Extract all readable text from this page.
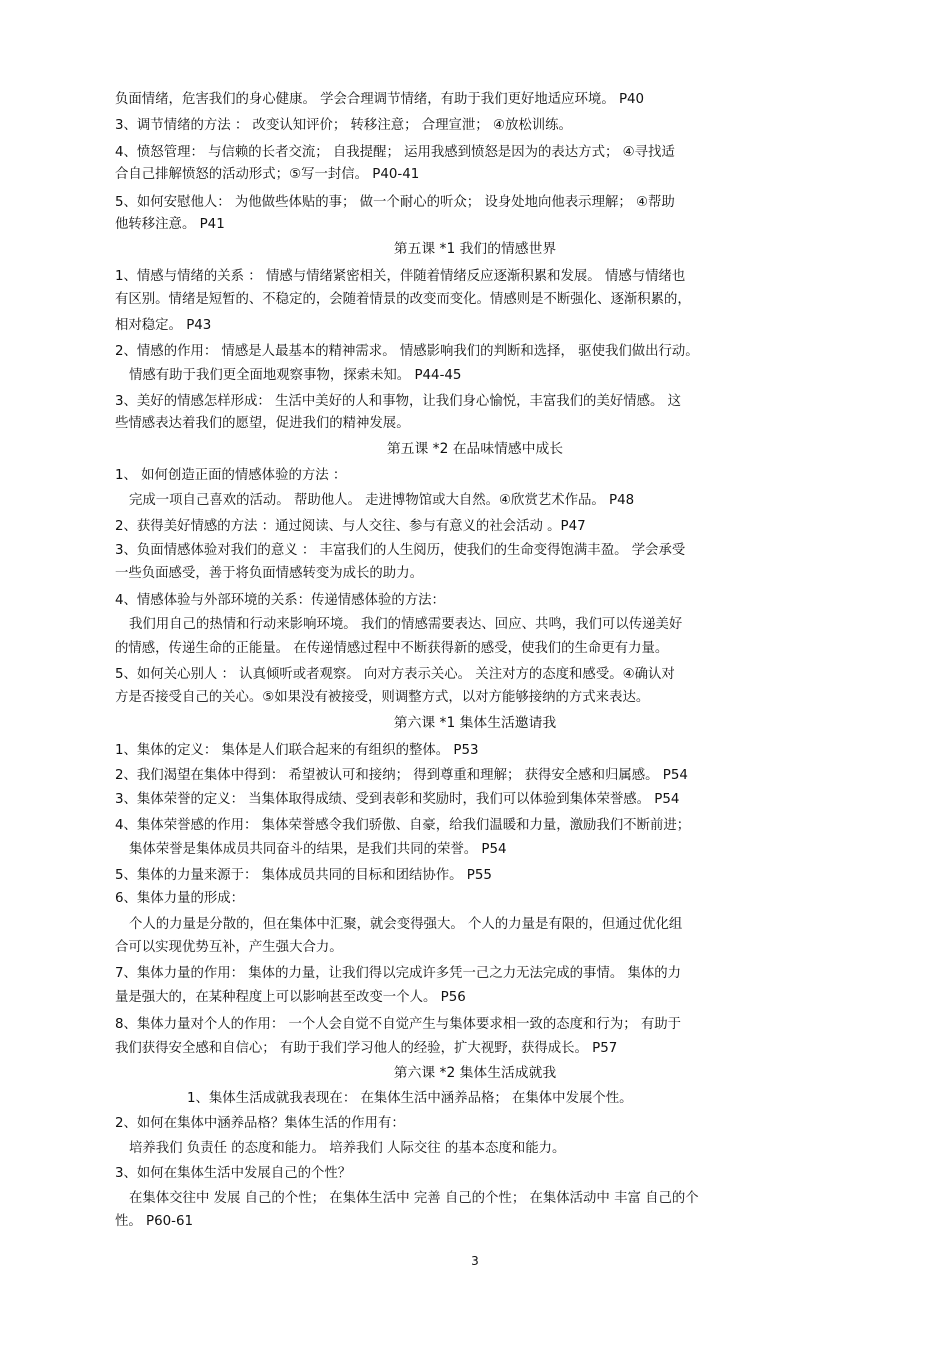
负面情绪，危害我们的身心健康。 学会合理调节情绪，有助于我们更好地适应环境。 P40
3、调节情绪的方法 ： 改变认知评价； 转移注意； 合理宣泄； ④放松训练。
4、愤怒管理： 与信赖的长者交流； 自我提醒； 运用我感到愤怒是因为的表达方式； ④寻找适
合自己排解愤怒的活动形式；⑤写一封信。 P40-41
5、如何安慰他人： 为他做些体贴的事； 做一个耐心的听众； 设身处地向他表示理解； ④帮助
他转移注意。 P41
第五课 *1 我们的情感世界
1、情感与情绪的关系 ： 情感与情绪紧密相关，伴随着情绪反应逐渐积累和发展。 情感与情绪也
有区别。情绪是短暂的、不稳定的，会随着情景的改变而变化。情感则是不断强化、逐渐积累的，
相对稳定。 P43
2、情感的作用： 情感是人最基本的精神需求。 情感影响我们的判断和选择， 驱使我们做出行动。
情感有助于我们更全面地观察事物，探索未知。 P44-45
3、美好的情感怎样形成： 生活中美好的人和事物，让我们身心愉悦，丰富我们的美好情感。 这
些情感表达着我们的愿望，促进我们的精神发展。
第五课 *2 在品味情感中成长
1、 如何创造正面的情感体验的方法 ：
完成一项自己喜欢的活动。 帮助他人。 走进博物馆或大自然。④欣赏艺术作品。 P48
2、获得美好情感的方法 ：通过阅读、与人交往、参与有意义的社会活动 。P47
3、负面情感体验对我们的意义 ： 丰富我们的人生阅历，使我们的生命变得饱满丰盈。 学会承受
一些负面感受，善于将负面情感转变为成长的助力。
4、情感体验与外部环境的关系：传递情感体验的方法：
我们用自己的热情和行动来影响环境。 我们的情感需要表达、回应、共鸣，我们可以传递美好
的情感，传递生命的正能量。 在传递情感过程中不断获得新的感受，使我们的生命更有力量。
5、如何关心别人 ： 认真倾听或者观察。 向对方表示关心。 关注对方的态度和感受。④确认对
方是否接受自己的关心。⑤如果没有被接受，则调整方式，以对方能够接纳的方式来表达。
第六课 *1 集体生活邀请我
1、集体的定义： 集体是人们联合起来的有组织的整体。 P53
2、我们渴望在集体中得到： 希望被认可和接纳； 得到尊重和理解； 获得安全感和归属感。 P54
3、集体荣誉的定义： 当集体取得成绩、受到表彰和奖励时，我们可以体验到集体荣誉感。 P54
4、集体荣誉感的作用： 集体荣誉感令我们骄傲、自豪，给我们温暖和力量，激励我们不断前进；
集体荣誉是集体成员共同奋斗的结果，是我们共同的荣誉。 P54
5、集体的力量来源于： 集体成员共同的目标和团结协作。 P55
6、集体力量的形成：
个人的力量是分散的，但在集体中汇聚，就会变得强大。 个人的力量是有限的，但通过优化组
合可以实现优势互补，产生强大合力。
7、集体力量的作用： 集体的力量，让我们得以完成许多凭一己之力无法完成的事情。 集体的力
量是强大的，在某种程度上可以影响甚至改变一个人。 P56
8、集体力量对个人的作用： 一个人会自觉不自觉产生与集体要求相一致的态度和行为； 有助于
我们获得安全感和自信心； 有助于我们学习他人的经验，扩大视野，获得成长。 P57
第六课 *2 集体生活成就我
1、集体生活成就我表现在： 在集体生活中涵养品格； 在集体中发展个性。
2、如何在集体中涵养品格？集体生活的作用有：
培养我们 负责任 的态度和能力。 培养我们 人际交往 的基本态度和能力。
3、如何在集体生活中发展自己的个性？
在集体交往中 发展 自己的个性； 在集体生活中 完善 自己的个性； 在集体活动中 丰富 自己的个
性。 P60-61
3
